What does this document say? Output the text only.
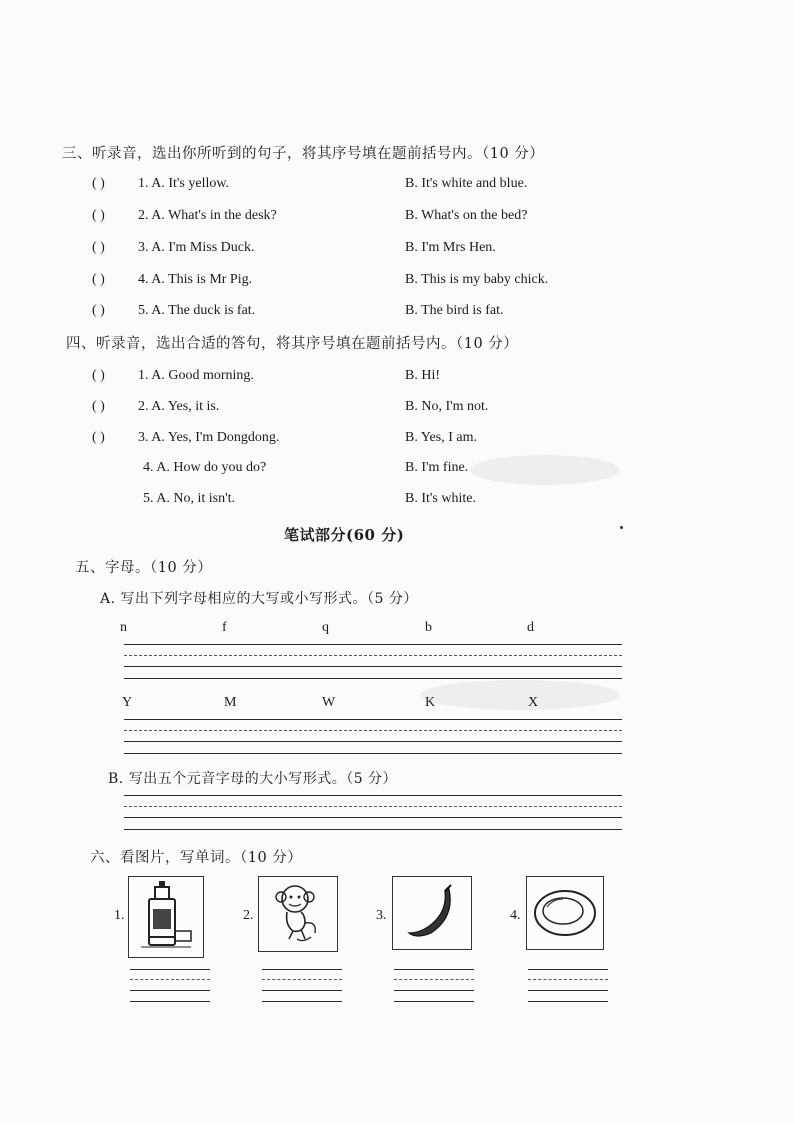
三、听录音，选出你所听到的句子，将其序号填在题前括号内。（10 分）
( ) 1. A. It's yellow.	B. It's white and blue.
( ) 2. A. What's in the desk?	B. What's on the bed?
( ) 3. A. I'm Miss Duck.	B. I'm Mrs Hen.
( ) 4. A. This is Mr Pig.	B. This is my baby chick.
( ) 5. A. The duck is fat.	B. The bird is fat.
四、听录音，选出合适的答句，将其序号填在题前括号内。（10 分）
( ) 1. A. Good morning.	B. Hi!
( ) 2. A. Yes, it is.	B. No, I'm not.
( ) 3. A. Yes, I'm Dongdong.	B. Yes, I am.
4. A. How do you do?	B. I'm fine.
5. A. No, it isn't.	B. It's white.
笔试部分(60 分)
五、字母。（10 分）
A. 写出下列字母相应的大写或小写形式。（5 分）
n	f	q	b	d
Y	M	W	K	X
B. 写出五个元音字母的大小写形式。（5 分）
六、看图片，写单词。（10 分）
1.	2.	3.	4.
